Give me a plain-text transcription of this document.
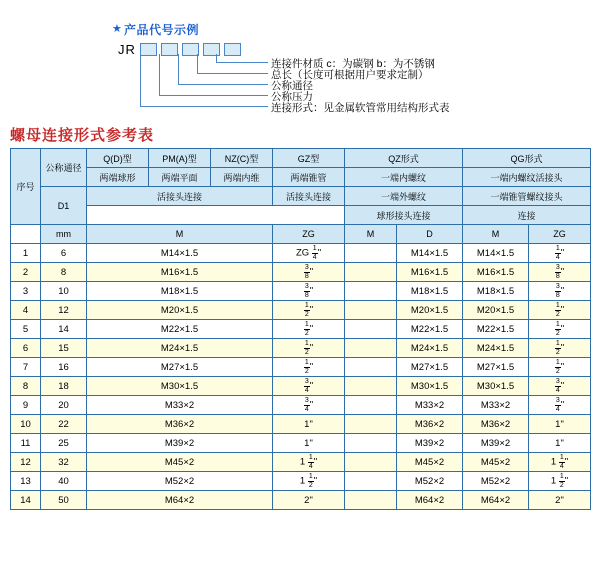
★ 产品代号示例
JR
连接件材质 c：为碳钢 b：为不锈钢
总长（长度可根据用户要求定制）
公称通径
公称压力
连接形式：见金属软管常用结构形式表
螺母连接形式参考表
序号	公称通径	Q(D)型	PM(A)型	NZ(C)型	GZ型	QZ形式		QG形式	
		两端球形	两端平面	两端内维	两端锥管	一端内螺纹		一端内螺纹活接头	
	D1	活接头连接			活接头连接	一端外螺纹		一端锥管螺纹接头	
						球形接头连接		连接	
	mm	M			ZG	M	D	M	ZG
1	6	M14×1.5			ZG $\frac{1}{4}$ "		M14×1.5	M14×1.5	$\frac{1}{4}$ "
2	8	M16×1.5			$\frac{3}{8}$ "		M16×1.5	M16×1.5	$\frac{3}{8}$ "
3	10	M18×1.5			$\frac{3}{8}$ "		M18×1.5	M18×1.5	$\frac{3}{8}$ "
4	12	M20×1.5			$\frac{1}{2}$ "		M20×1.5	M20×1.5	$\frac{1}{2}$ "
5	14	M22×1.5			$\frac{1}{2}$ "		M22×1.5	M22×1.5	$\frac{1}{2}$ "
6	15	M24×1.5			$\frac{1}{2}$ "		M24×1.5	M24×1.5	$\frac{1}{2}$ "
7	16	M27×1.5			$\frac{1}{2}$ "		M27×1.5	M27×1.5	$\frac{1}{2}$ "
8	18	M30×1.5			$\frac{3}{4}$ "		M30×1.5	M30×1.5	$\frac{3}{4}$ "
9	20	M33×2			$\frac{3}{4}$ "		M33×2	M33×2	$\frac{3}{4}$ "
10	22	M36×2			1"		M36×2	M36×2	1"
11	25	M39×2			1"		M39×2	M39×2	1"
12	32	M45×2			$1 \frac{1}{4}$ "		M45×2	M45×2	$1 \frac{1}{4}$ "
13	40	M52×2			$1 \frac{1}{2}$ "		M52×2	M52×2	$1 \frac{1}{2}$ "
14	50	M64×2			2"		M64×2	M64×2	2"
